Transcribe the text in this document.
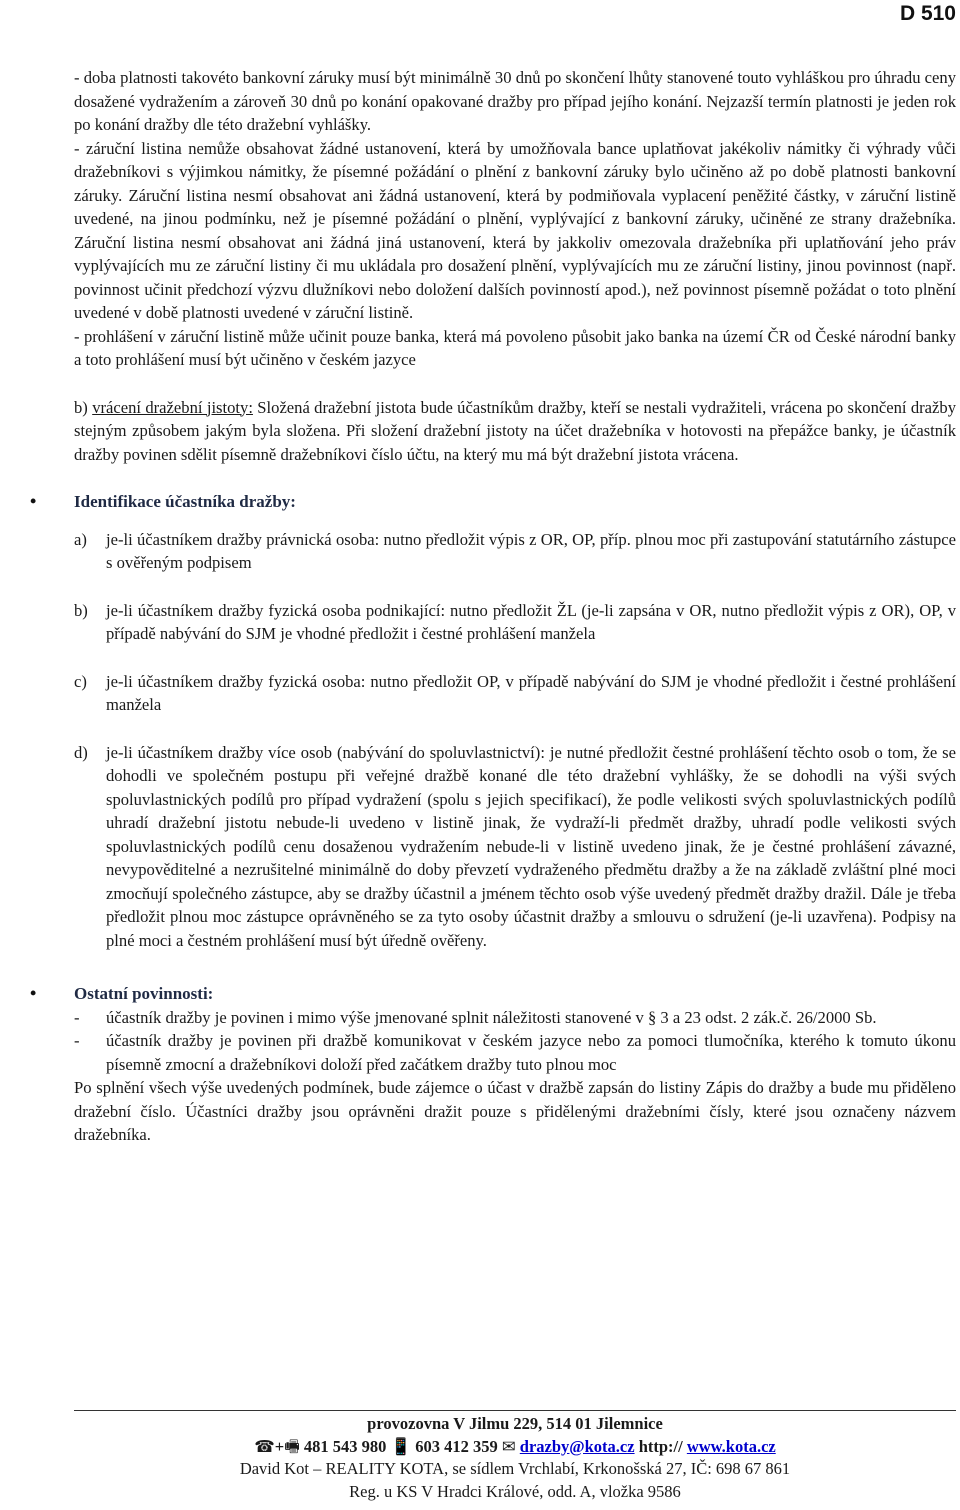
D 510

- doba platnosti takovéto bankovní záruky musí být minimálně 30 dnů po skončení lhůty stanovené touto vyhláškou pro úhradu ceny dosažené vydražením a zároveň 30 dnů po konání opakované dražby pro případ jejího konání. Nejzazší termín platnosti je jeden rok po konání dražby dle této dražební vyhlášky.

- záruční listina nemůže obsahovat žádné ustanovení, která by umožňovala bance uplatňovat jakékoliv námitky či výhrady vůči dražebníkovi s výjimkou námitky, že písemné požádání o plnění z bankovní záruky bylo učiněno až po době platnosti bankovní záruky. Záruční listina nesmí obsahovat ani žádná ustanovení, která by podmiňovala vyplacení peněžité částky, v záruční listině uvedené, na jinou podmínku, než je písemné požádání o plnění, vyplývající z bankovní záruky, učiněné ze strany dražebníka. Záruční listina nesmí obsahovat ani žádná jiná ustanovení, která by jakkoliv omezovala dražebníka při uplatňování jeho práv vyplývajících mu ze záruční listiny či mu ukládala pro dosažení plnění, vyplývajících mu ze záruční listiny, jinou povinnost (např. povinnost učinit předchozí výzvu dlužníkovi nebo doložení dalších povinností apod.), než povinnost písemně požádat o toto plnění uvedené v době platnosti uvedené v záruční listině.

- prohlášení v záruční listině může učinit pouze banka, která má povoleno působit jako banka na území ČR od České národní banky a toto prohlášení musí být učiněno v českém jazyce

b) vrácení dražební jistoty: Složená dražební jistota bude účastníkům dražby, kteří se nestali vydražiteli, vrácena po skončení dražby stejným způsobem jakým byla složena. Při složení dražební jistoty na účet dražebníka v hotovosti na přepážce banky, je účastník dražby povinen sdělit písemně dražebníkovi číslo účtu, na který mu má být dražební jistota vrácena.

• Identifikace účastníka dražby:
a) je-li účastníkem dražby právnická osoba: nutno předložit výpis z OR, OP, příp. plnou moc při zastupování statutárního zástupce s ověřeným podpisem

b) je-li účastníkem dražby fyzická osoba podnikající: nutno předložit ŽL (je-li zapsána v OR, nutno předložit výpis z OR), OP, v případě nabývání do SJM je vhodné předložit i čestné prohlášení manžela

c) je-li účastníkem dražby fyzická osoba: nutno předložit OP, v případě nabývání do SJM je vhodné předložit i čestné prohlášení manžela

d) je-li účastníkem dražby více osob (nabývání do spoluvlastnictví): je nutné předložit čestné prohlášení těchto osob o tom, že se dohodli ve společném postupu při veřejné dražbě konané dle této dražební vyhlášky, že se dohodli na výši svých spoluvlastnických podílů pro případ vydražení (spolu s jejich specifikací), že podle velikosti svých spoluvlastnických podílů uhradí dražební jistotu nebude-li uvedeno v listině jinak, že vydraží-li předmět dražby, uhradí podle velikosti svých spoluvlastnických podílů cenu dosaženou vydražením nebude-li v listině uvedeno jinak, že je čestné prohlášení závazné, nevypověditelné a nezrušitelné minimálně do doby převzetí vydraženého předmětu dražby a že na základě zvláštní plné moci zmocňují společného zástupce, aby se dražby účastnil a jménem těchto osob výše uvedený předmět dražby dražil. Dále je třeba předložit plnou moc zástupce oprávněného se za tyto osoby účastnit dražby a smlouvu o sdružení (je-li uzavřena). Podpisy na plné moci a čestném prohlášení musí být úředně ověřeny.

• Ostatní povinnosti:
- účastník dražby je povinen i mimo výše jmenované splnit náležitosti stanovené v § 3 a 23 odst. 2 zák.č. 26/2000 Sb.

- účastník dražby je povinen při dražbě komunikovat v českém jazyce nebo za pomoci tlumočníka, kterého k tomuto úkonu písemně zmocní a dražebníkovi doloží před začátkem dražby tuto plnou moc

Po splnění všech výše uvedených podmínek, bude zájemce o účast v dražbě zapsán do listiny Zápis do dražby a bude mu přiděleno dražební číslo. Účastníci dražby jsou oprávněni dražit pouze s přidělenými dražebními čísly, které jsou označeny názvem dražebníka.

provozovna V Jilmu 229, 514 01 Jilemnice
☎+🖷 481 543 980 📱 603 412 359 ✉ drazby@kota.cz http:// www.kota.cz
David Kot – REALITY KOTA, se sídlem Vrchlabí, Krkonošská 27, IČ: 698 67 861
Reg. u KS V Hradci Králové, odd. A, vložka 9586
